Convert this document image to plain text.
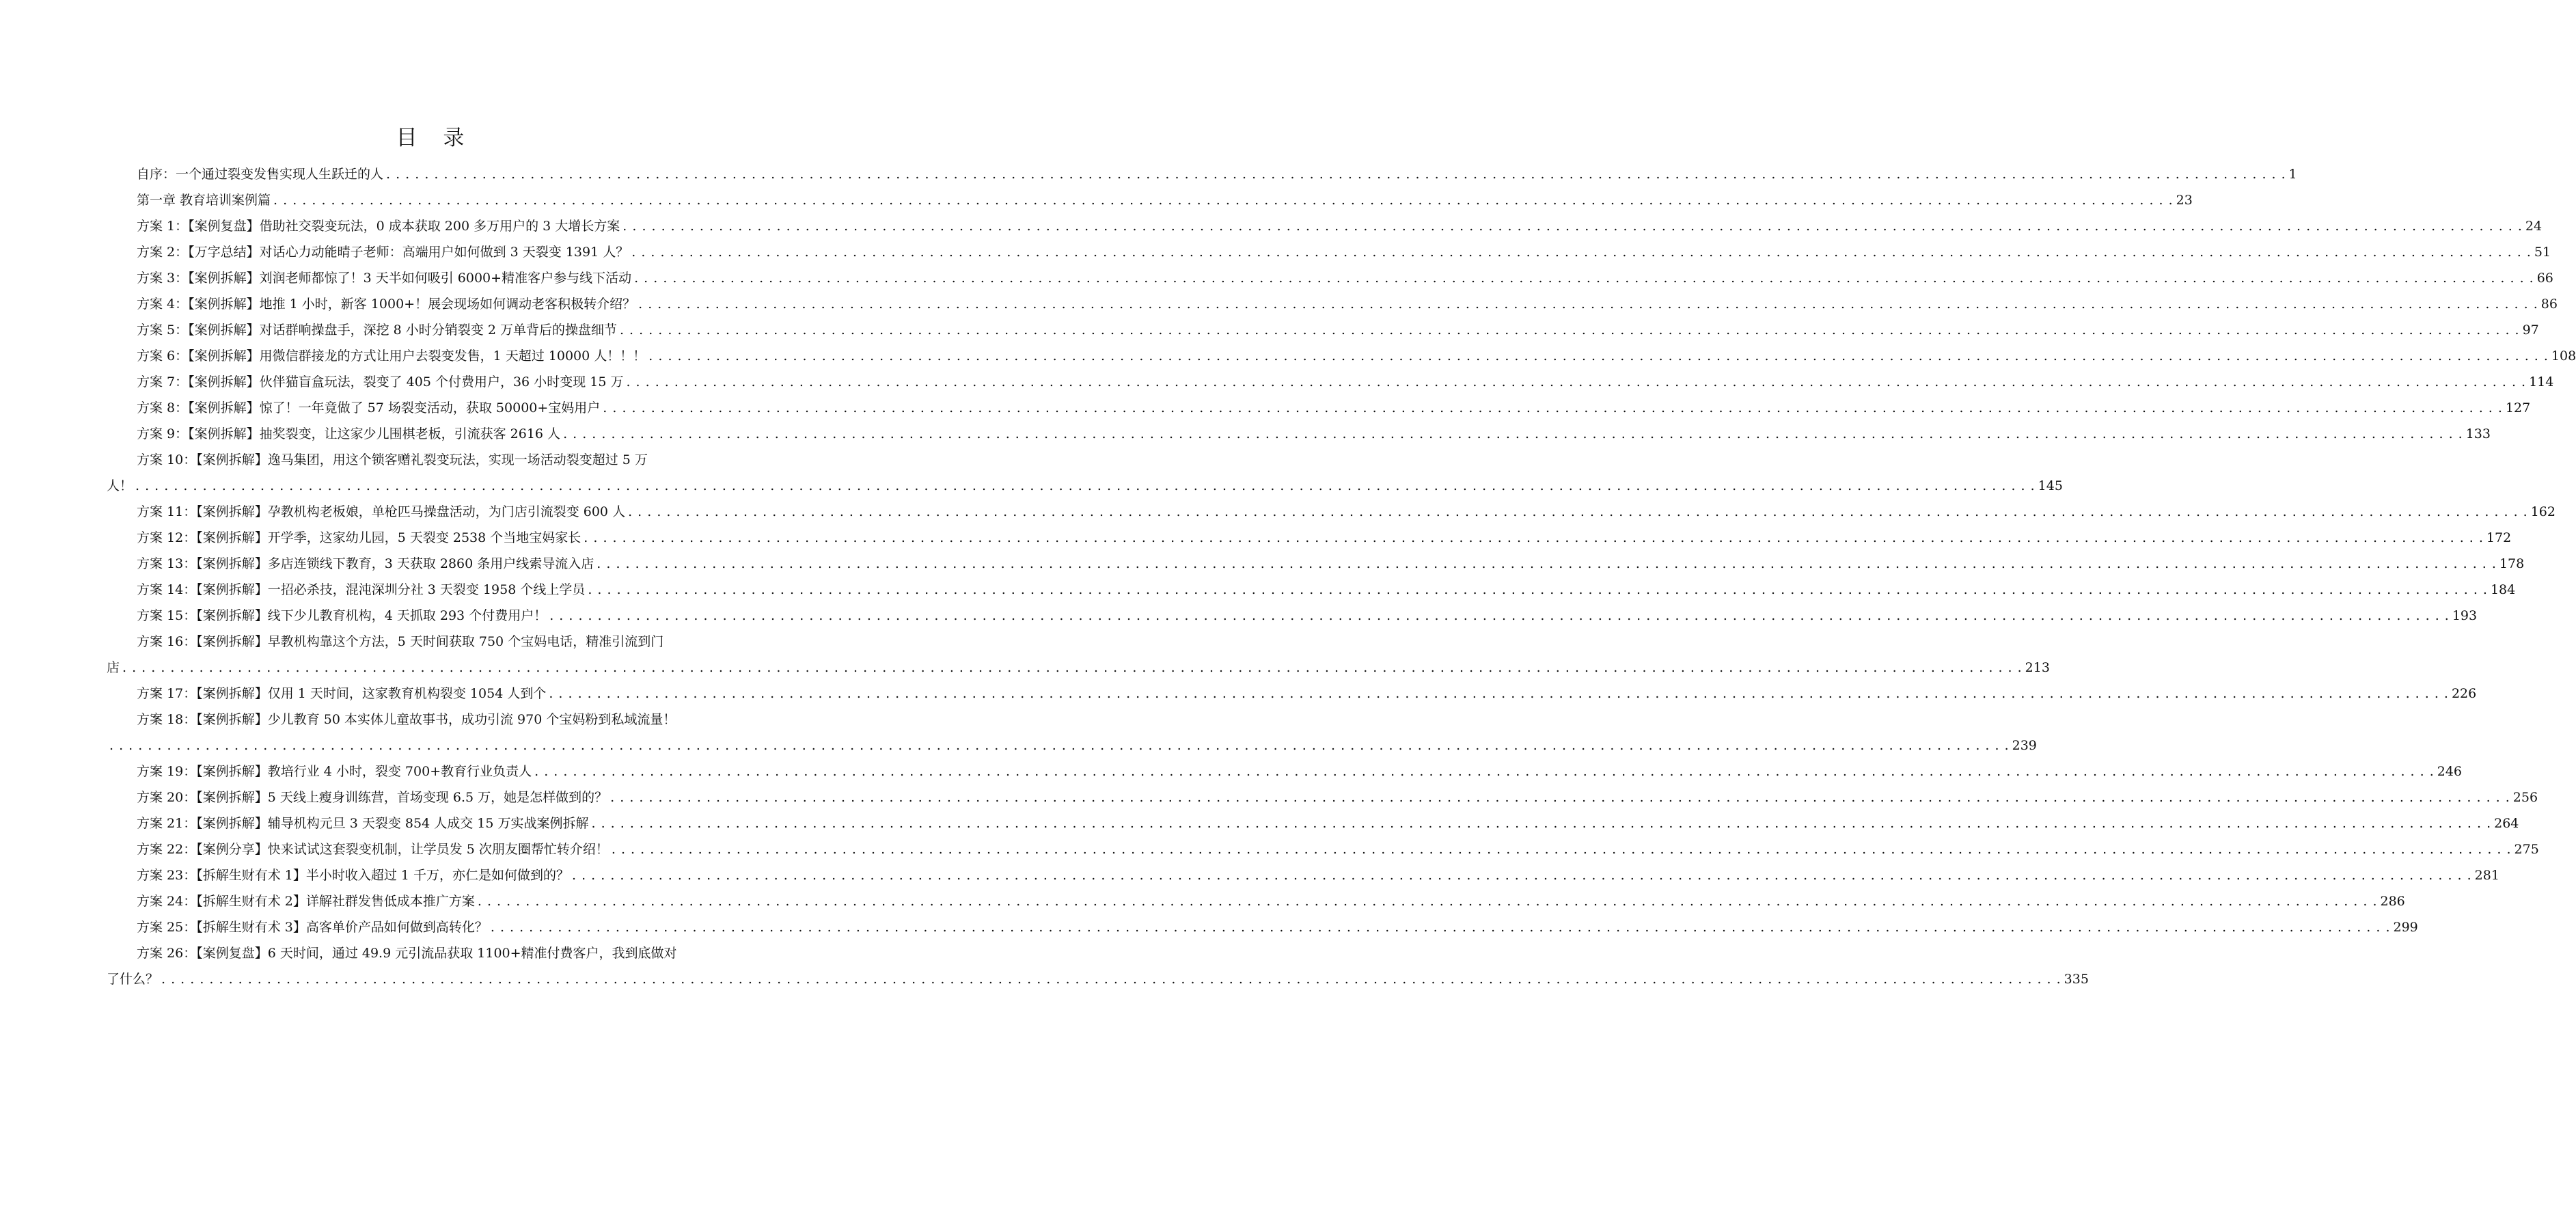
目 录
自序：一个通过裂变发售实现人生跃迁的人 . . .	1
第一章 教育培训案例篇 . . .	23
方案 1：【案例复盘】借助社交裂变玩法，0 成本获取 200 多万用户的 3 大增长方案 . . .	24
方案 2：【万字总结】对话心力动能晴子老师：高端用户如何做到 3 天裂变 1391 人？ . . .	51
方案 3：【案例拆解】刘润老师都惊了！3 天半如何吸引 6000+精准客户参与线下活动 . . .	66
方案 4：【案例拆解】地推 1 小时，新客 1000+！展会现场如何调动老客积极转介绍？ . . .	86
方案 5：【案例拆解】对话群响操盘手，深挖 8 小时分销裂变 2 万单背后的操盘细节 . . .	97
方案 6：【案例拆解】用微信群接龙的方式让用户去裂变发售，1 天超过 10000 人！！！ . . .	108
方案 7：【案例拆解】伙伴猫盲盒玩法，裂变了 405 个付费用户，36 小时变现 15 万 . . .	114
方案 8：【案例拆解】惊了！一年竟做了 57 场裂变活动，获取 50000+宝妈用户 . . .	127
方案 9：【案例拆解】抽奖裂变，让这家少儿围棋老板，引流获客 2616 人 . . .	133
方案 10：【案例拆解】逸马集团，用这个锁客赠礼裂变玩法，实现一场活动裂变超过 5 万
人！ . . .	145
方案 11：【案例拆解】孕教机构老板娘，单枪匹马操盘活动，为门店引流裂变 600 人 . . .	162
方案 12：【案例拆解】开学季，这家幼儿园，5 天裂变 2538 个当地宝妈家长 . . .	172
方案 13：【案例拆解】多店连锁线下教育，3 天获取 2860 条用户线索导流入店 . . .	178
方案 14：【案例拆解】一招必杀技，混沌深圳分社 3 天裂变 1958 个线上学员 . . .	184
方案 15：【案例拆解】线下少儿教育机构，4 天抓取 293 个付费用户！ . . .	193
方案 16：【案例拆解】早教机构靠这个方法，5 天时间获取 750 个宝妈电话，精准引流到门
店 . . .	213
方案 17：【案例拆解】仅用 1 天时间，这家教育机构裂变 1054 人到个 . . .	226
方案 18：【案例拆解】少儿教育 50 本实体儿童故事书，成功引流 970 个宝妈粉到私域流量！
. . .
239
方案 19：【案例拆解】教培行业 4 小时，裂变 700+教育行业负责人 . . .	246
方案 20：【案例拆解】5 天线上瘦身训练营，首场变现 6.5 万，她是怎样做到的？ . . .	256
方案 21：【案例拆解】辅导机构元旦 3 天裂变 854 人成交 15 万实战案例拆解 . . .	264
方案 22：【案例分享】快来试试这套裂变机制，让学员发 5 次朋友圈帮忙转介绍！ . . .	275
方案 23：【拆解生财有术 1】半小时收入超过 1 千万，亦仁是如何做到的？ . . .	281
方案 24：【拆解生财有术 2】详解社群发售低成本推广方案 . . .	286
方案 25：【拆解生财有术 3】高客单价产品如何做到高转化？ . . .	299
方案 26：【案例复盘】6 天时间，通过 49.9 元引流品获取 1100+精准付费客户，我到底做对
了什么？ . . .	335
